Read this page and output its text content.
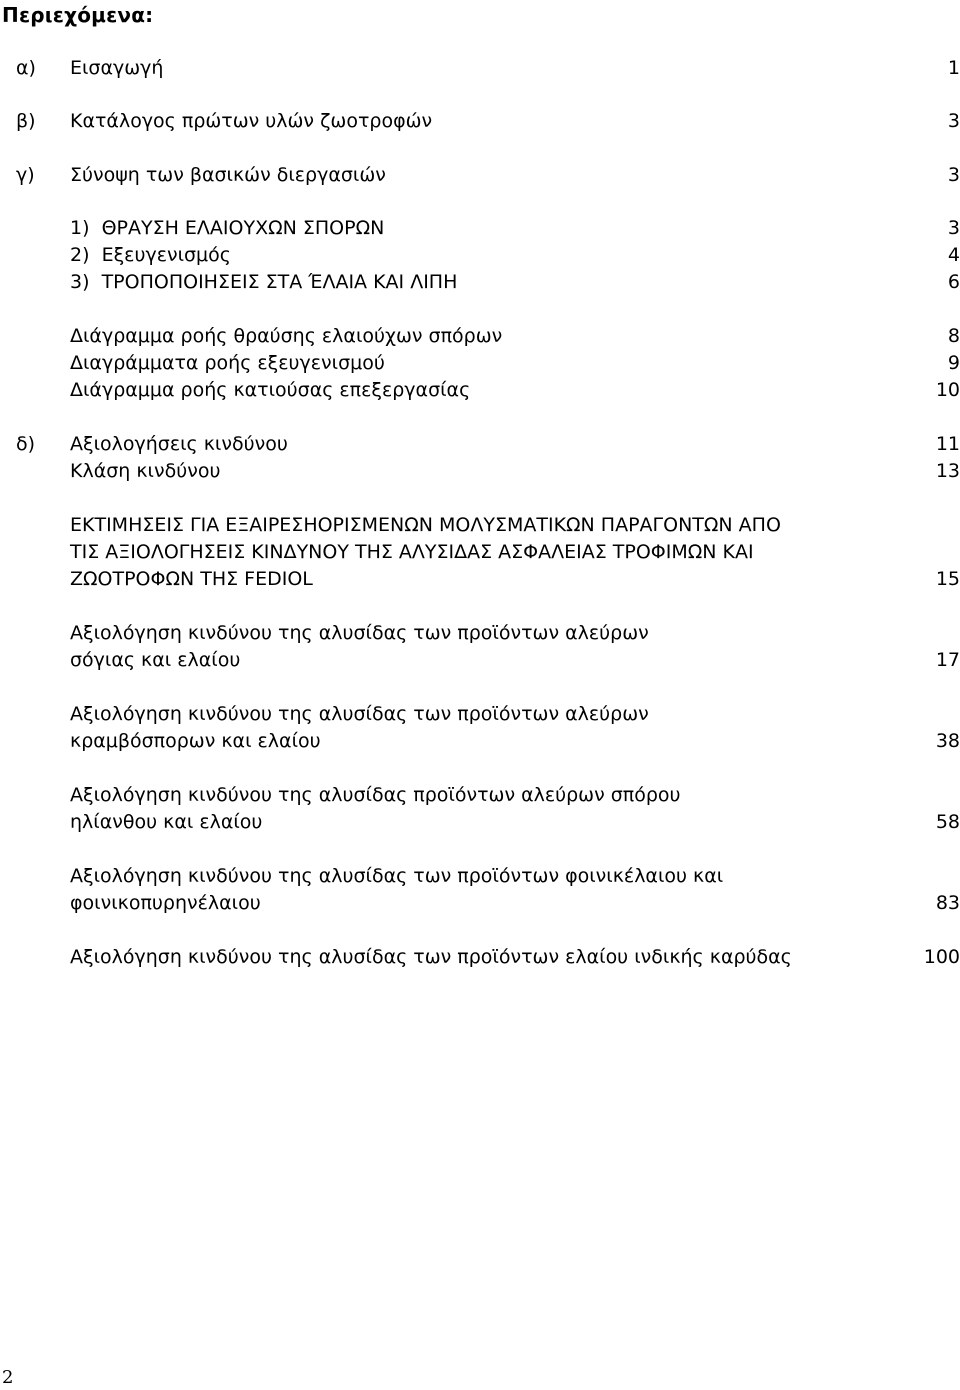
Περιεχόμενα:
α) Εισαγωγή	1
β) Κατάλογος πρώτων υλών ζωοτροφών	3
γ) Σύνοψη των βασικών διεργασιών	3
1)  ΘΡΑΥΣΗ ΕΛΑΙΟΥΧΩΝ ΣΠΟΡΩΝ	3
2)  Εξευγενισμός	4
3)  ΤΡΟΠΟΠΟΙΗΣΕΙΣ ΣΤΑ ΈΛΑΙΑ ΚΑΙ ΛΙΠΗ	6
Διάγραμμα ροής θραύσης ελαιούχων σπόρων	8
Διαγράμματα ροής εξευγενισμού	9
Διάγραμμα ροής κατιούσας επεξεργασίας	10
δ) Αξιολογήσεις κινδύνου	11
Κλάση κινδύνου	13
ΕΚΤΙΜΗΣΕΙΣ ΓΙΑ ΕΞΑΙΡΕΣΗΟΡΙΣΜΕΝΩΝ ΜΟΛΥΣΜΑΤΙΚΩΝ ΠΑΡΑΓΟΝΤΩΝ ΑΠΟ
ΤΙΣ ΑΞΙΟΛΟΓΗΣΕΙΣ ΚΙΝΔΥΝΟΥ ΤΗΣ ΑΛΥΣΙΔΑΣ ΑΣΦΑΛΕΙΑΣ ΤΡΟΦΙΜΩΝ ΚΑΙ
ΖΩΟΤΡΟΦΩΝ ΤΗΣ FEDIOL	15
Αξιολόγηση κινδύνου της αλυσίδας των προϊόντων αλεύρων
σόγιας και ελαίου	17
Αξιολόγηση κινδύνου της αλυσίδας των προϊόντων αλεύρων
κραμβόσπορων και ελαίου	38
Αξιολόγηση κινδύνου της αλυσίδας προϊόντων αλεύρων σπόρου
ηλίανθου και ελαίου	58
Αξιολόγηση κινδύνου της αλυσίδας των προϊόντων φοινικέλαιου και
φοινικοπυρηνέλαιου	83
Αξιολόγηση κινδύνου της αλυσίδας των προϊόντων ελαίου ινδικής καρύδας	100
2
